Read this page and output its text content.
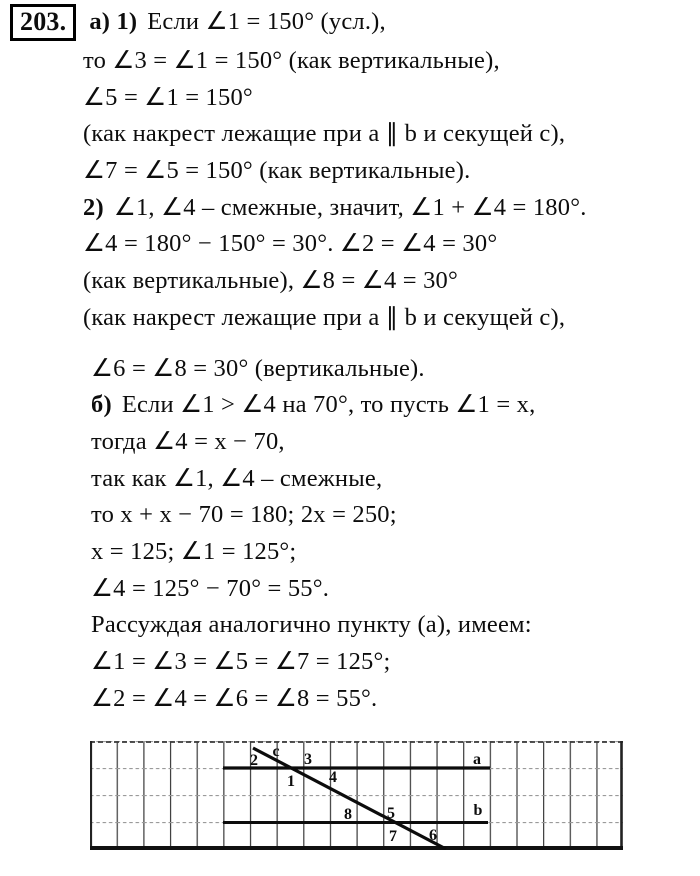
203. а) 1) Если ∠1 = 150° (усл.),
то ∠3 = ∠1 = 150° (как вертикальные),
∠5 = ∠1 = 150°
(как накрест лежащие при a ∥ b и секущей c),
∠7 = ∠5 = 150° (как вертикальные).
2) ∠1, ∠4 – смежные, значит, ∠1 + ∠4 = 180°.
∠4 = 180° − 150° = 30°. ∠2 = ∠4 = 30°
(как вертикальные), ∠8 = ∠4 = 30°
(как накрест лежащие при a ∥ b и секущей c),
∠6 = ∠8 = 30° (вертикальные).
б) Если ∠1 > ∠4 на 70°, то пусть ∠1 = x,
тогда ∠4 = x − 70,
так как ∠1, ∠4 – смежные,
то x + x − 70 = 180; 2x = 250;
x = 125; ∠1 = 125°;
∠4 = 125° − 70° = 55°.
Рассуждая аналогично пункту (а), имеем:
∠1 = ∠3 = ∠5 = ∠7 = 125°;
∠2 = ∠4 = ∠6 = ∠8 = 55°.
c	a
b
2	3
1 4
8 5
7 6
